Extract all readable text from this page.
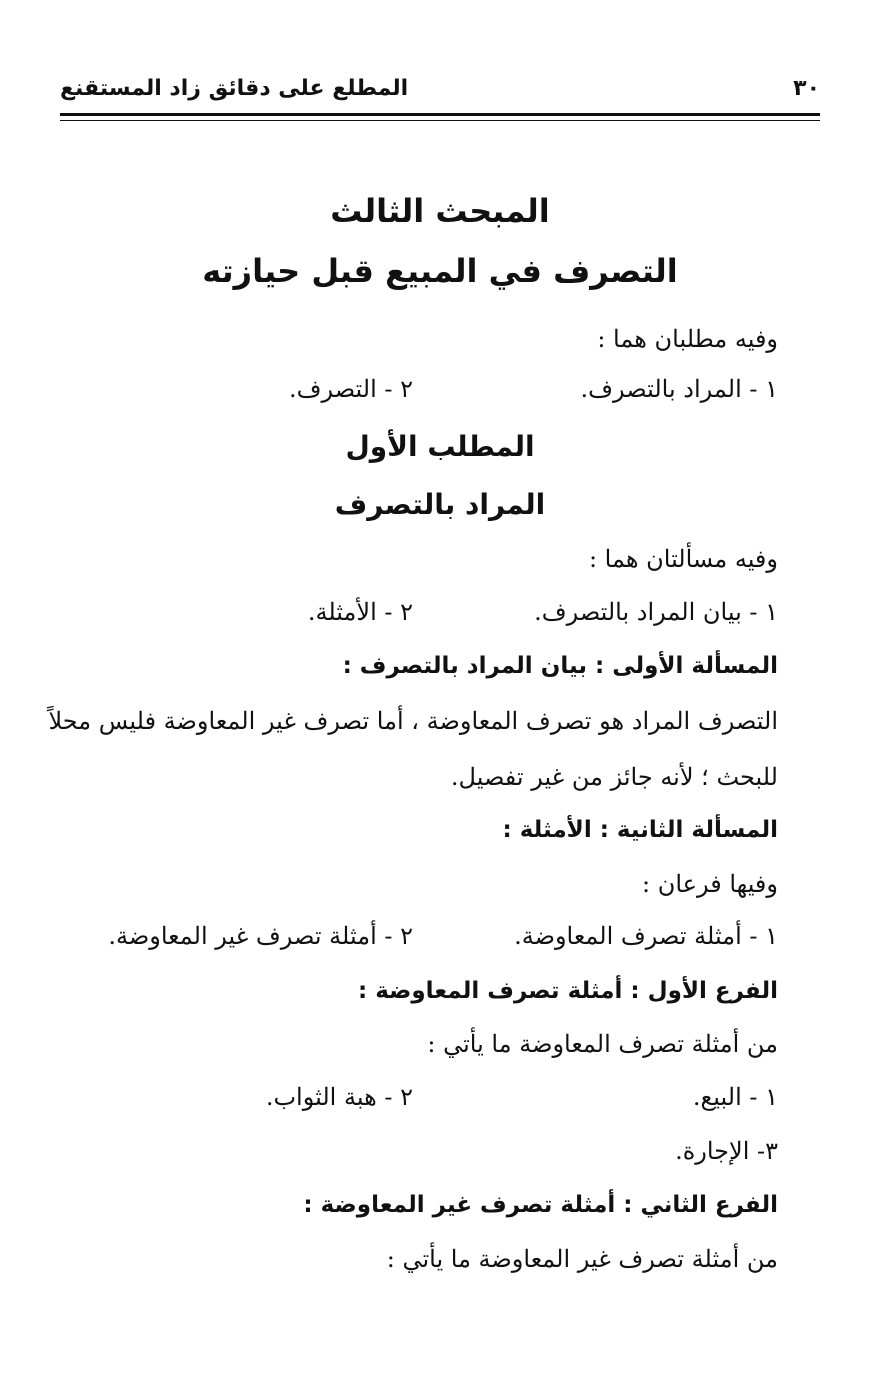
٣٠
المطلع على دقائق زاد المستقنع
المبحث الثالث
التصرف في المبيع قبل حيازته
وفيه مطلبان هما :
١ - المراد بالتصرف.
٢ - التصرف.
المطلب الأول
المراد بالتصرف
وفيه مسألتان هما :
١ - بيان المراد بالتصرف.
٢ - الأمثلة.
المسألة الأولى : بيان المراد بالتصرف :
التصرف المراد هو تصرف المعاوضة ، أما تصرف غير المعاوضة فليس محلاً
للبحث ؛ لأنه جائز من غير تفصيل.
المسألة الثانية : الأمثلة :
وفيها فرعان :
١ - أمثلة تصرف المعاوضة.
٢ - أمثلة تصرف غير المعاوضة.
الفرع الأول : أمثلة تصرف المعاوضة :
من أمثلة تصرف المعاوضة ما يأتي :
١ - البيع.
٢ - هبة الثواب.
٣- الإجارة.
الفرع الثاني : أمثلة تصرف غير المعاوضة :
من أمثلة تصرف غير المعاوضة ما يأتي :
